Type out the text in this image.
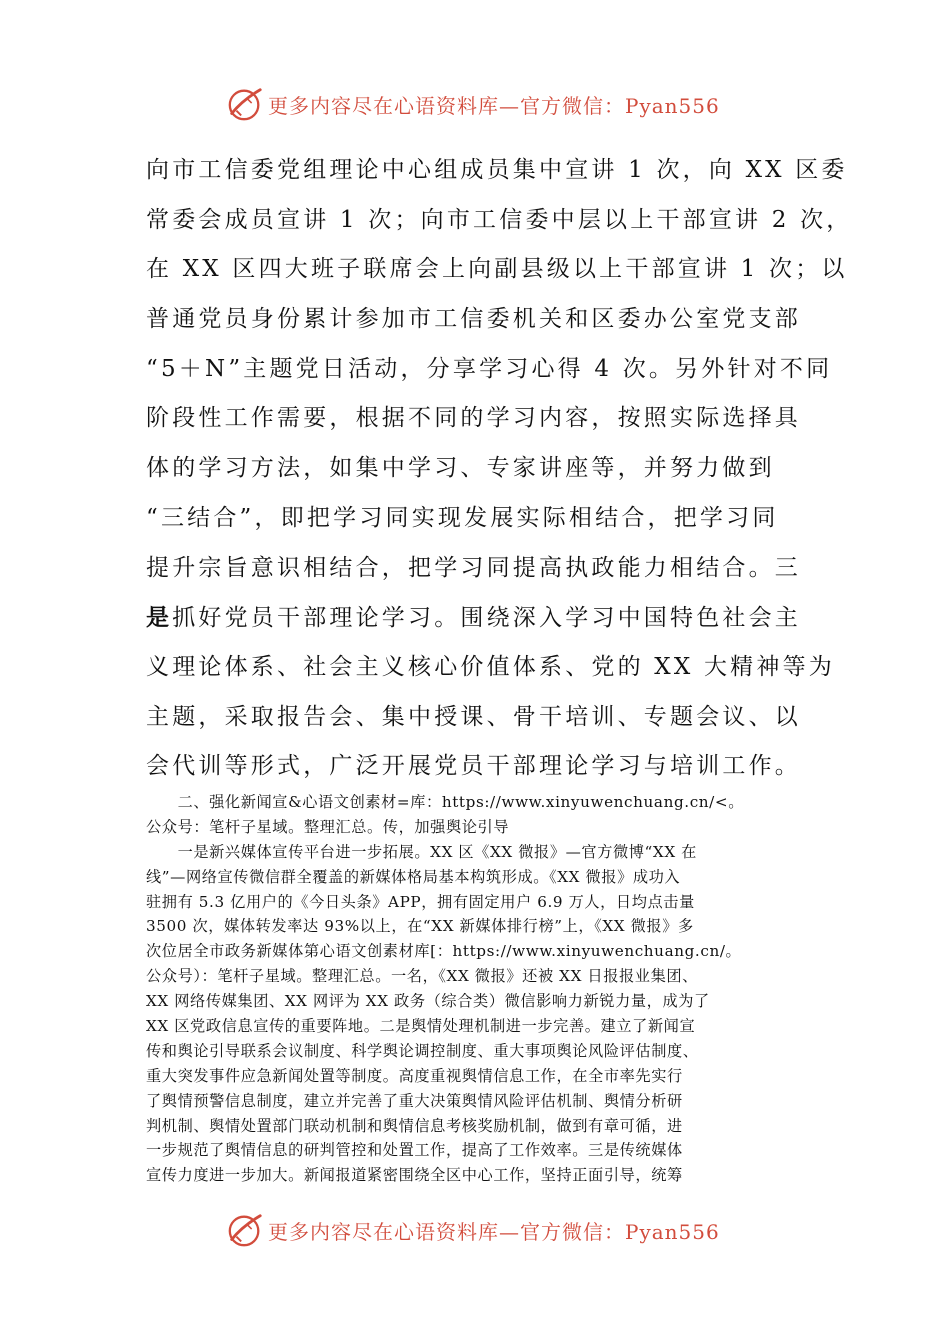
更多内容尽在心语资料库—官方微信：Pyan556
向市工信委党组理论中心组成员集中宣讲 1 次，向 XX 区委
常委会成员宣讲 1 次；向市工信委中层以上干部宣讲 2 次，
在 XX 区四大班子联席会上向副县级以上干部宣讲 1 次；以
普通党员身份累计参加市工信委机关和区委办公室党支部
“5＋N”主题党日活动，分享学习心得 4 次。另外针对不同
阶段性工作需要，根据不同的学习内容，按照实际选择具
体的学习方法，如集中学习、专家讲座等，并努力做到
“三结合”，即把学习同实现发展实际相结合，把学习同
提升宗旨意识相结合，把学习同提高执政能力相结合。三
是抓好党员干部理论学习。围绕深入学习中国特色社会主
义理论体系、社会主义核心价值体系、党的 XX 大精神等为
主题，采取报告会、集中授课、骨干培训、专题会议、以
会代训等形式，广泛开展党员干部理论学习与培训工作。
　　二、强化新闻宣&心语文创素材=库：https://www.xinyuwenchuang.cn/<。
公众号：笔杆子星域。整理汇总。传，加强舆论引导
　　一是新兴媒体宣传平台进一步拓展。XX 区《XX 微报》—官方微博“XX 在
线”—网络宣传微信群全覆盖的新媒体格局基本构筑形成。《XX 微报》成功入
驻拥有 5.3 亿用户的《今日头条》APP，拥有固定用户 6.9 万人，日均点击量
3500 次，媒体转发率达 93%以上，在“XX 新媒体排行榜”上，《XX 微报》多
次位居全市政务新媒体第心语文创素材库[：https://www.xinyuwenchuang.cn/。
公众号）：笔杆子星域。整理汇总。一名，《XX 微报》还被 XX 日报报业集团、
XX 网络传媒集团、XX 网评为 XX 政务（综合类）微信影响力新锐力量，成为了
XX 区党政信息宣传的重要阵地。二是舆情处理机制进一步完善。建立了新闻宣
传和舆论引导联系会议制度、科学舆论调控制度、重大事项舆论风险评估制度、
重大突发事件应急新闻处置等制度。高度重视舆情信息工作，在全市率先实行
了舆情预警信息制度，建立并完善了重大决策舆情风险评估机制、舆情分析研
判机制、舆情处置部门联动机制和舆情信息考核奖励机制，做到有章可循，进
一步规范了舆情信息的研判管控和处置工作，提高了工作效率。三是传统媒体
宣传力度进一步加大。新闻报道紧密围绕全区中心工作，坚持正面引导，统筹
更多内容尽在心语资料库—官方微信：Pyan556
